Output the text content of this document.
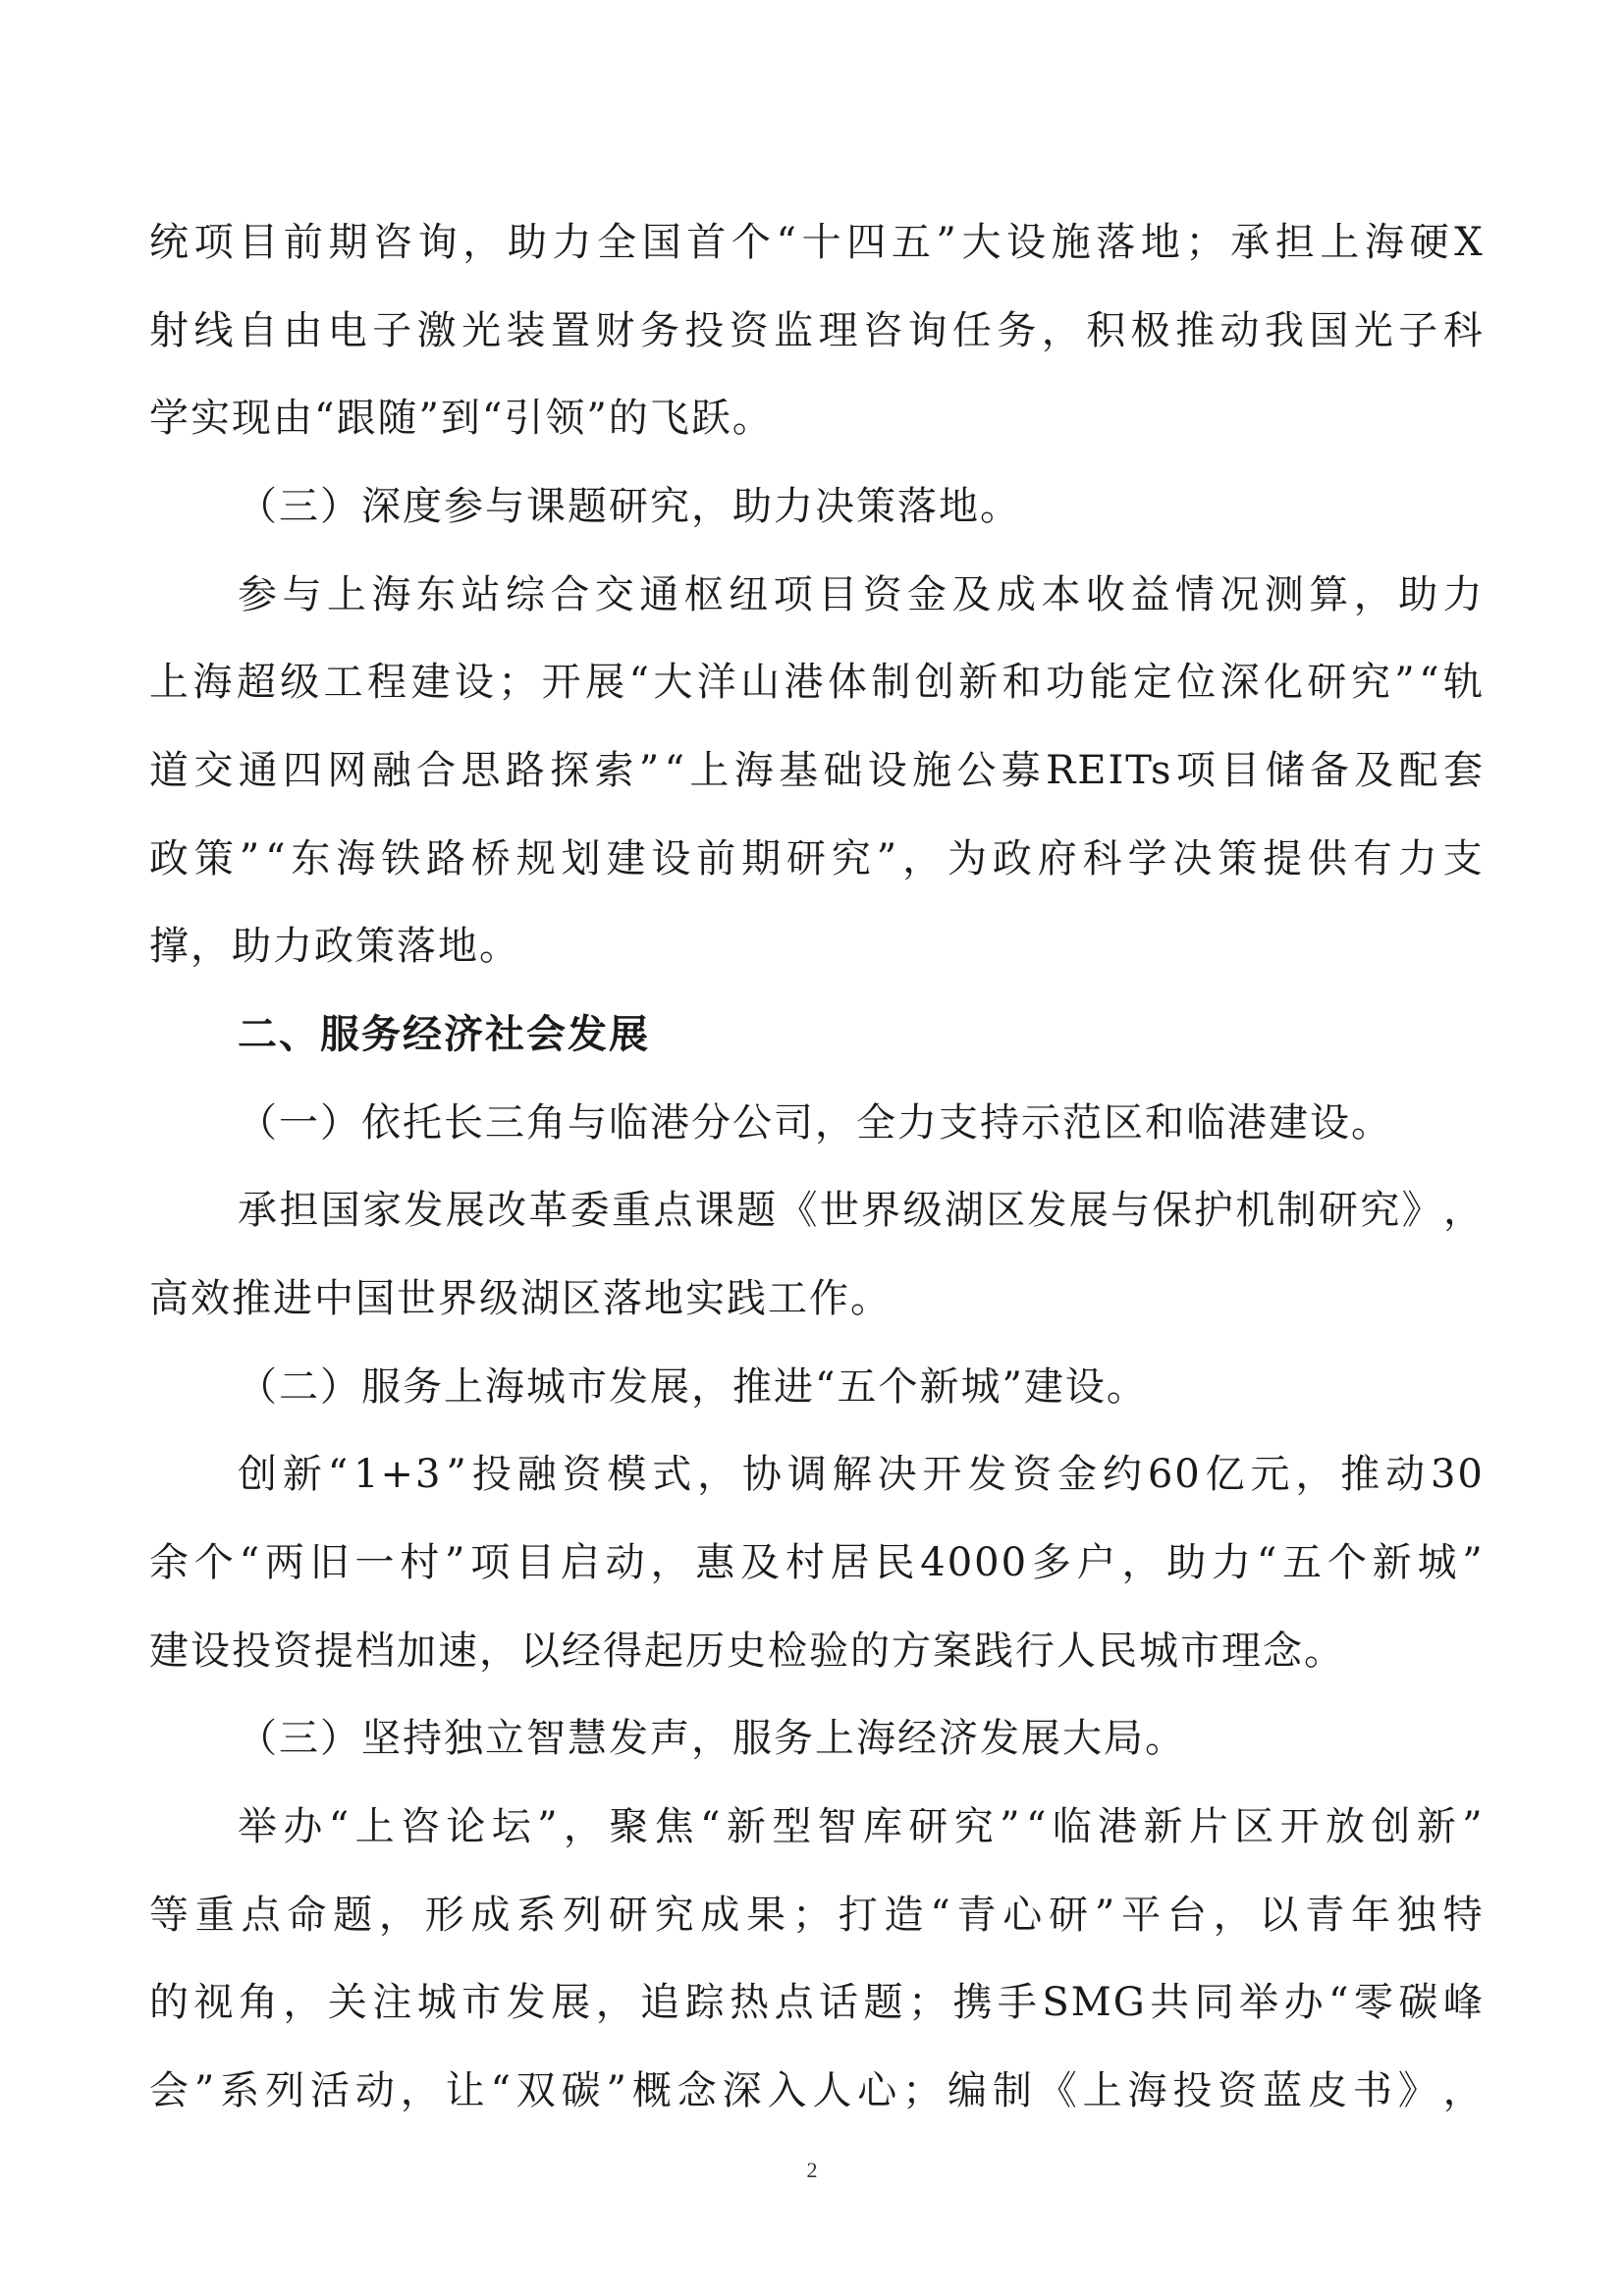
统 项 目 前 期 咨 询 ， 助 力 全 国 首 个 “ 十 四 五 ” 大 设 施 落 地 ； 承 担 上 海 硬 X
射 线 自 由 电 子 激 光 装 置 财 务 投 资 监 理 咨 询 任 务 ， 积 极 推 动 我 国 光 子 科
学实现由“跟随”到“引领”的飞跃。
（三）深度参与课题研究，助力决策落地。
参 与 上 海 东 站 综 合 交 通 枢 纽 项 目 资 金 及 成 本 收 益 情 况 测 算 ， 助 力
上 海 超 级 工 程 建 设 ； 开 展 “ 大 洋 山 港 体 制 创 新 和 功 能 定 位 深 化 研 究 ” “ 轨
道 交 通 四 网 融 合 思 路 探 索 ” “ 上 海 基 础 设 施 公 募 REITs 项 目 储 备 及 配 套
政 策 ” “ 东 海 铁 路 桥 规 划 建 设 前 期 研 究 ” ， 为 政 府 科 学 决 策 提 供 有 力 支
撑，助力政策落地。
二、服务经济社会发展
（一）依托长三角与临港分公司，全力支持示范区和临港建设。
承 担 国 家 发 展 改 革 委 重 点 课 题 《 世 界 级 湖 区 发 展 与 保 护 机 制 研 究 》 ，
高效推进中国世界级湖区落地实践工作。
（二）服务上海城市发展，推进“五个新城”建设。
创 新 “ 1+3 ” 投 融 资 模 式 ， 协 调 解 决 开 发 资 金 约 60 亿 元 ， 推 动 30
余 个 “ 两 旧 一 村 ” 项 目 启 动 ， 惠 及 村 居 民 4000 多 户 ， 助 力 “ 五 个 新 城 ”
建设投资提档加速，以经得起历史检验的方案践行人民城市理念。
（三）坚持独立智慧发声，服务上海经济发展大局。
举 办 “ 上 咨 论 坛 ” ， 聚 焦 “ 新 型 智 库 研 究 ” “ 临 港 新 片 区 开 放 创 新 ”
等 重 点 命 题 ， 形 成 系 列 研 究 成 果 ； 打 造 “ 青 心 研 ” 平 台 ， 以 青 年 独 特
的 视 角 ， 关 注 城 市 发 展 ， 追 踪 热 点 话 题 ； 携 手 SMG 共 同 举 办 “ 零 碳 峰
会 ” 系 列 活 动 ， 让 “ 双 碳 ” 概 念 深 入 人 心 ； 编 制 《 上 海 投 资 蓝 皮 书 》 ，
2
